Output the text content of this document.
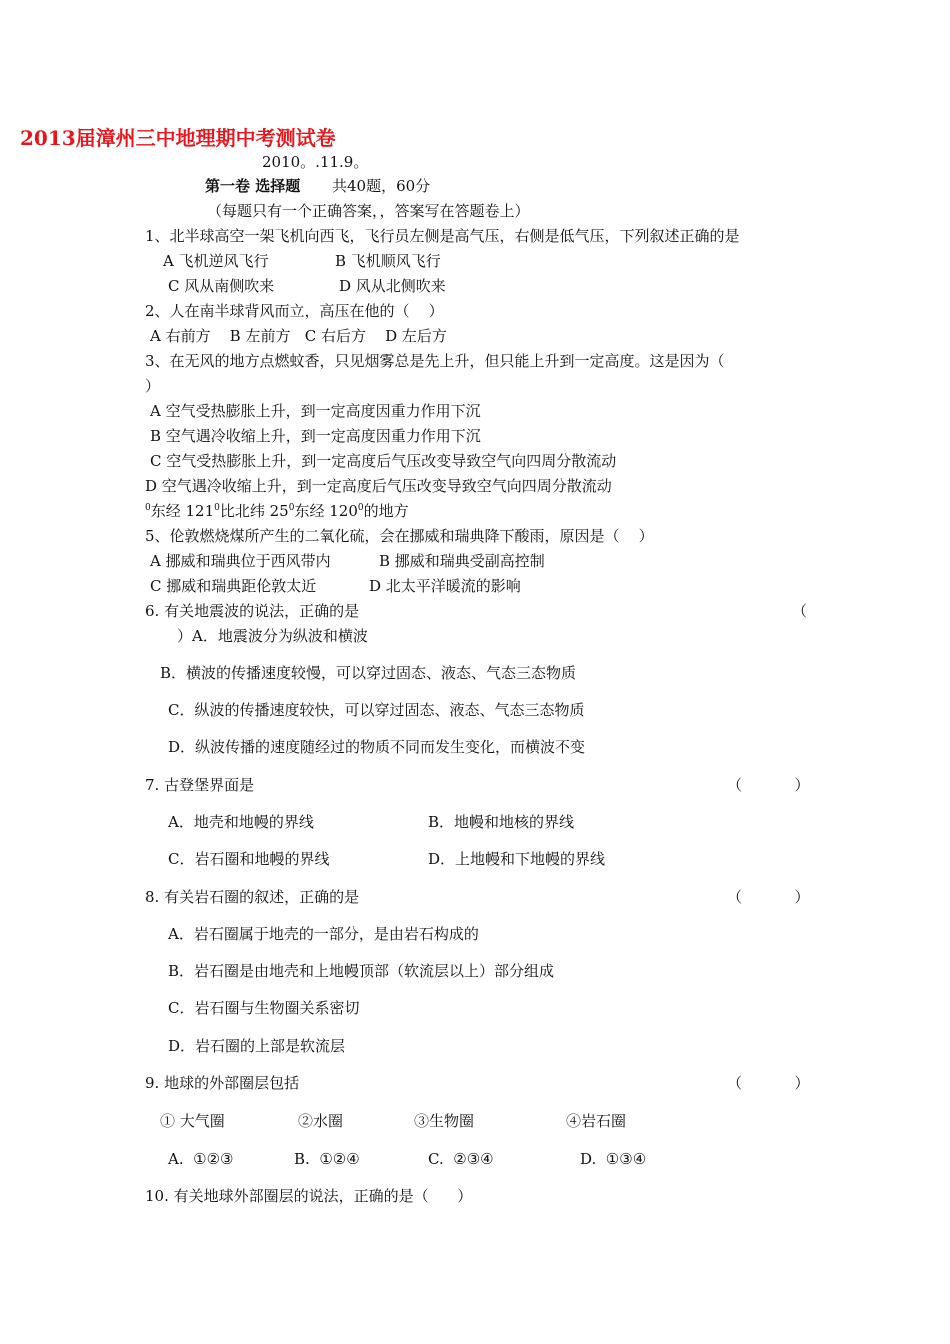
2013届漳州三中地理期中考测试卷
2010。.11.9。
第一卷 选择题 共40题，60分
（每题只有一个正确答案，，答案写在答题卷上）
1、北半球高空一架飞机向西飞，飞行员左侧是高气压，右侧是低气压，下列叙述正确的是
A 飞机逆风飞行	B 飞机顺风飞行
C 风从南侧吹来	D 风从北侧吹来
2、人在南半球背风而立，高压在他的（    ）
A 右前方    B 左前方   C 右后方    D 左后方
3、在无风的地方点燃蚊香，只见烟雾总是先上升，但只能上升到一定高度。这是因为（
）
A 空气受热膨胀上升，到一定高度因重力作用下沉
B 空气遇冷收缩上升，到一定高度因重力作用下沉
C 空气受热膨胀上升，到一定高度后气压改变导致空气向四周分散流动
D 空气遇冷收缩上升，到一定高度后气压改变导致空气向四周分散流动
$^0$东经 $121^0$比北纬 $25^0$东经 $120^0$的地方
5、伦敦燃烧煤所产生的二氧化硫，会在挪威和瑞典降下酸雨，原因是（    ）
A 挪威和瑞典位于西风带内	B 挪威和瑞典受副高控制
C 挪威和瑞典距伦敦太近	D 北太平洋暖流的影响
6. 有关地震波的说法，正确的是	（
）A．地震波分为纵波和横波
B．横波的传播速度较慢，可以穿过固态、液态、气态三态物质
C．纵波的传播速度较快，可以穿过固态、液态、气态三态物质
D．纵波传播的速度随经过的物质不同而发生变化，而横波不变
7. 古登堡界面是	（           ）
A．地壳和地幔的界线	B．地幔和地核的界线
C．岩石圈和地幔的界线	D．上地幔和下地幔的界线
8. 有关岩石圈的叙述，正确的是	（           ）
A．岩石圈属于地壳的一部分，是由岩石构成的
B．岩石圈是由地壳和上地幔顶部（软流层以上）部分组成
C．岩石圈与生物圈关系密切
D．岩石圈的上部是软流层
9. 地球的外部圈层包括	（           ）
① 大气圈	②水圈	③生物圈	④岩石圈
A.  ①②③	B.  ①②④	C.  ②③④	D.  ①③④
10. 有关地球外部圈层的说法，正确的是（      ）
